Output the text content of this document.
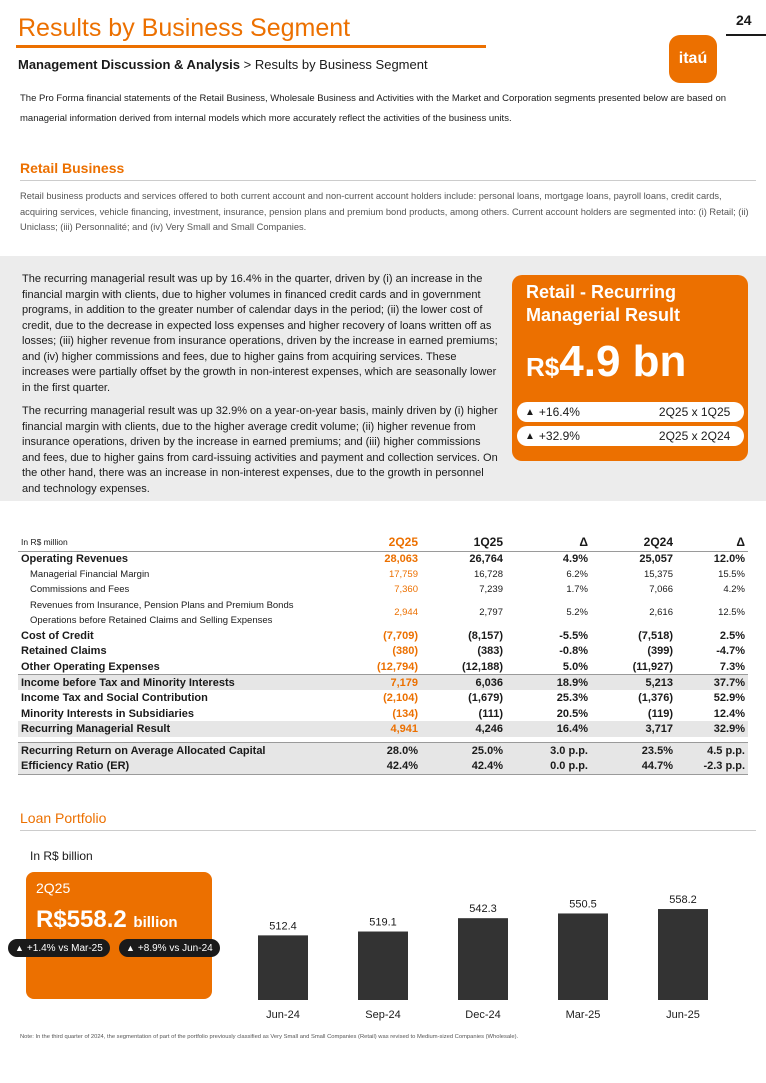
Results by Business Segment	24
itaú
Management Discussion & Analysis > Results by Business Segment

The Pro Forma financial statements of the Retail Business, Wholesale Business and Activities with the Market and Corporation segments presented below are based on managerial information derived from internal models which more accurately reflect the activities of the business units.

Retail Business

Retail business products and services offered to both current account and non-current account holders include: personal loans, mortgage loans, payroll loans, credit cards, acquiring services, vehicle financing, investment, insurance, pension plans and premium bond products, among others. Current account holders are segmented into: (i) Retail; (ii) Uniclass; (iii) Personnalité; and (iv) Very Small and Small Companies.

The recurring managerial result was up by 16.4% in the quarter, driven by (i) an increase in the financial margin with clients, due to higher volumes in financed credit cards and in government programs, in addition to the greater number of calendar days in the period; (ii) the lower cost of credit, due to the decrease in expected loss expenses and higher recovery of loans written off as losses; (iii) higher revenue from insurance operations, driven by the increase in earned premiums; and (iv) higher commissions and fees, due to higher gains from acquiring services. These increases were partially offset by the growth in non-interest expenses, which are seasonally lower in the first quarter.

The recurring managerial result was up 32.9% on a year-on-year basis, mainly driven by (i) higher financial margin with clients, due to the higher average credit volume; (ii) higher revenue from insurance operations, driven by the increase in earned premiums; and (iii) higher commissions and fees, due to higher gains from card-issuing activities and payment and collection services. On the other hand, there was an increase in non-interest expenses, due to the growth in personnel and technology expenses.

Retail - Recurring Managerial Result
R$4.9 bn
▲ +16.4%	2Q25 x 1Q25
▲ +32.9%	2Q25 x 2Q24
In R$ million	2Q25	1Q25	Δ	2Q24	Δ
Operating Revenues	28,063	26,764	4.9%	25,057	12.0%
Managerial Financial Margin	17,759	16,728	6.2%	15,375	15.5%
Commissions and Fees	7,360	7,239	1.7%	7,066	4.2%
Revenues from Insurance, Pension Plans and Premium Bonds
Operations before Retained Claims and Selling Expenses	2,944	2,797	5.2%	2,616	12.5%
Cost of Credit	(7,709)	(8,157)	-5.5%	(7,518)	2.5%
Retained Claims	(380)	(383)	-0.8%	(399)	-4.7%
Other Operating Expenses	(12,794)	(12,188)	5.0%	(11,927)	7.3%
Income before Tax and Minority Interests	7,179	6,036	18.9%	5,213	37.7%
Income Tax and Social Contribution	(2,104)	(1,679)	25.3%	(1,376)	52.9%
Minority Interests in Subsidiaries	(134)	(111)	20.5%	(119)	12.4%
Recurring Managerial Result	4,941	4,246	16.4%	3,717	32.9%

Recurring Return on Average Allocated Capital	28.0%	25.0%	3.0 p.p.	23.5%	4.5 p.p.
Efficiency Ratio (ER)	42.4%	42.4%	0.0 p.p.	44.7%	-2.3 p.p.
Loan Portfolio
In R$ billion
2Q25
R$558.2 billion
▲ +1.4% vs Mar-25	▲ +8.9% vs Jun-24
512.4
Jun-24
519.1
Sep-24
542.3
Dec-24
550.5
Mar-25
558.2
Jun-25
Note: In the third quarter of 2024, the segmentation of part of the portfolio previously classified as Very Small and Small Companies (Retail) was revised to Medium-sized Companies (Wholesale).
